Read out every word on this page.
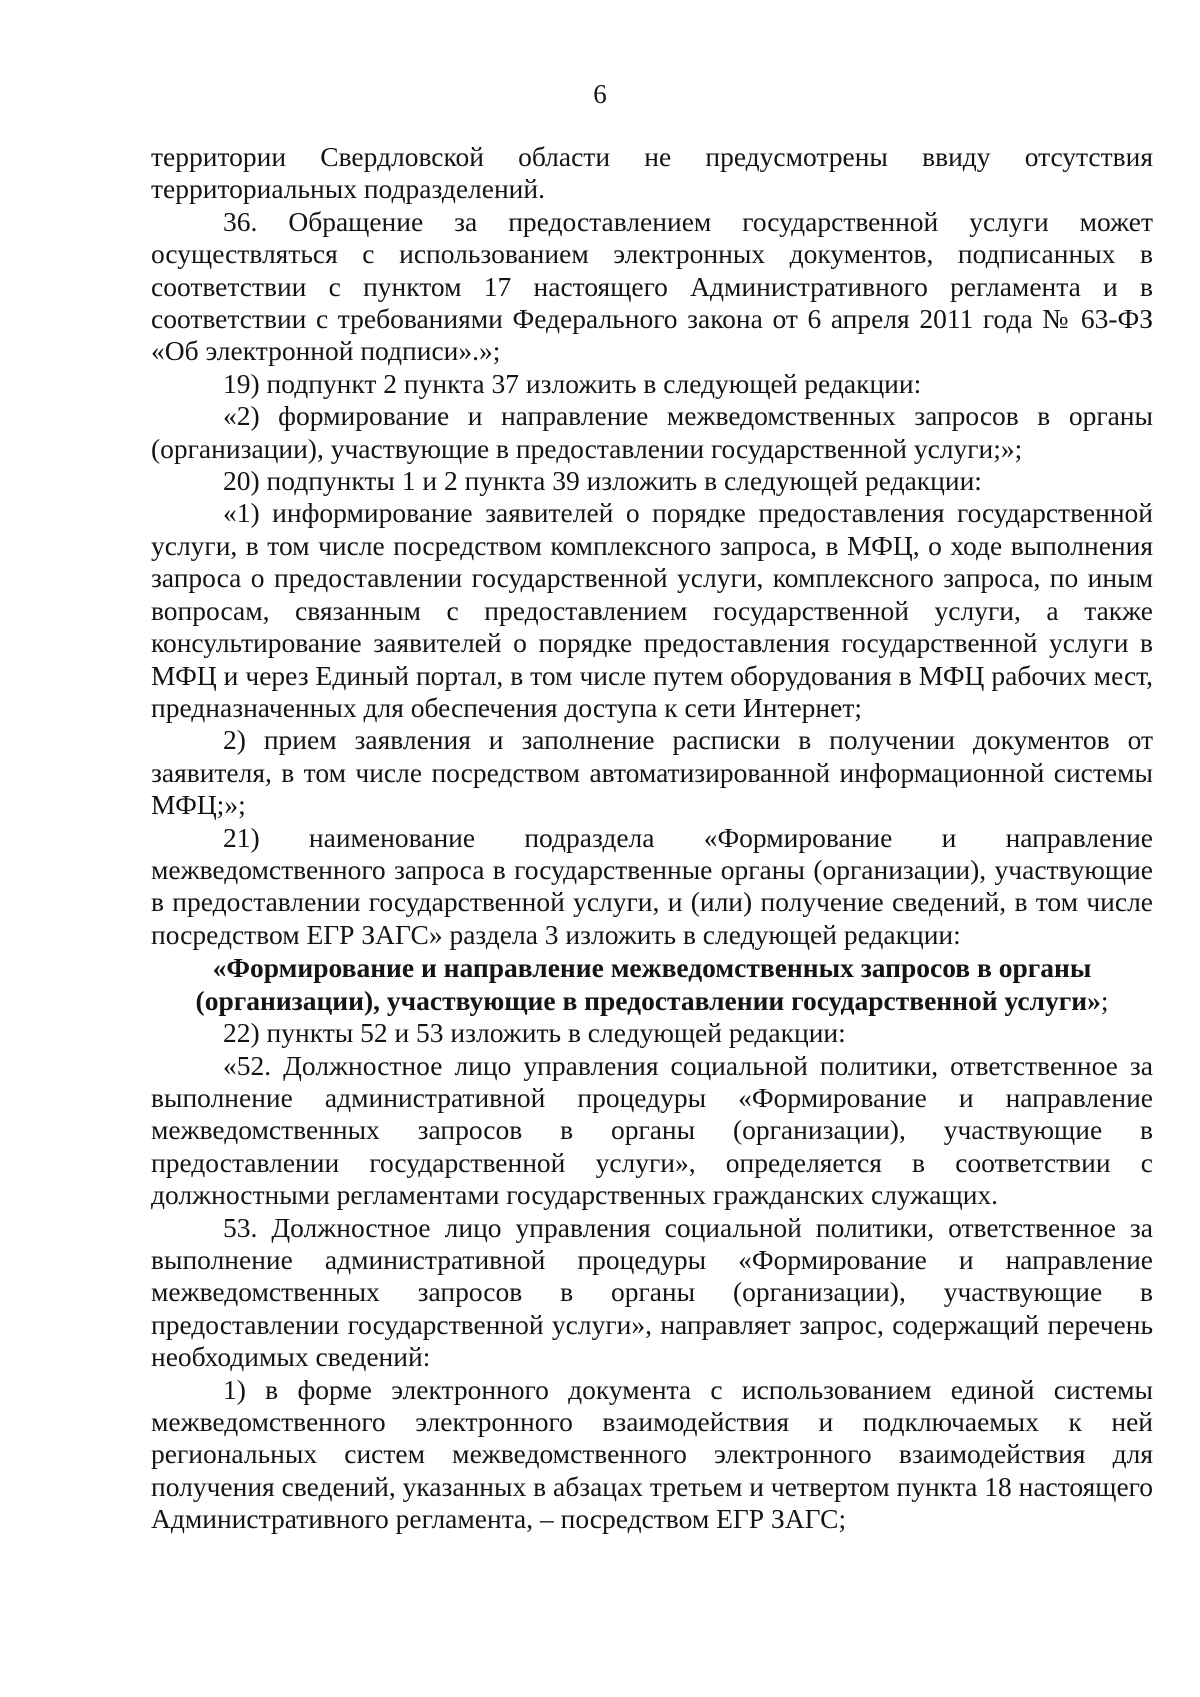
6

территории Свердловской области не предусмотрены ввиду отсутствия территориальных подразделений.

36. Обращение за предоставлением государственной услуги может осуществляться с использованием электронных документов, подписанных в соответствии с пунктом 17 настоящего Административного регламента и в соответствии с требованиями Федерального закона от 6 апреля 2011 года № 63-ФЗ «Об электронной подписи».»;

19) подпункт 2 пункта 37 изложить в следующей редакции:

«2) формирование и направление межведомственных запросов в органы (организации), участвующие в предоставлении государственной услуги;»;

20) подпункты 1 и 2 пункта 39 изложить в следующей редакции:

«1) информирование заявителей о порядке предоставления государственной услуги, в том числе посредством комплексного запроса, в МФЦ, о ходе выполнения запроса о предоставлении государственной услуги, комплексного запроса, по иным вопросам, связанным с предоставлением государственной услуги, а также консультирование заявителей о порядке предоставления государственной услуги в МФЦ и через Единый портал, в том числе путем оборудования в МФЦ рабочих мест, предназначенных для обеспечения доступа к сети Интернет;

2) прием заявления и заполнение расписки в получении документов от заявителя, в том числе посредством автоматизированной информационной системы МФЦ;»;

21) наименование подраздела «Формирование и направление межведомственного запроса в государственные органы (организации), участвующие в предоставлении государственной услуги, и (или) получение сведений, в том числе посредством ЕГР ЗАГС» раздела 3 изложить в следующей редакции:

«Формирование и направление межведомственных запросов в органы (организации), участвующие в предоставлении государственной услуги»;

22) пункты 52 и 53 изложить в следующей редакции:

«52. Должностное лицо управления социальной политики, ответственное за выполнение административной процедуры «Формирование и направление межведомственных запросов в органы (организации), участвующие в предоставлении государственной услуги», определяется в соответствии с должностными регламентами государственных гражданских служащих.

53. Должностное лицо управления социальной политики, ответственное за выполнение административной процедуры «Формирование и направление межведомственных запросов в органы (организации), участвующие в предоставлении государственной услуги», направляет запрос, содержащий перечень необходимых сведений:

1) в форме электронного документа с использованием единой системы межведомственного электронного взаимодействия и подключаемых к ней региональных систем межведомственного электронного взаимодействия для получения сведений, указанных в абзацах третьем и четвертом пункта 18 настоящего Административного регламента, – посредством ЕГР ЗАГС;
